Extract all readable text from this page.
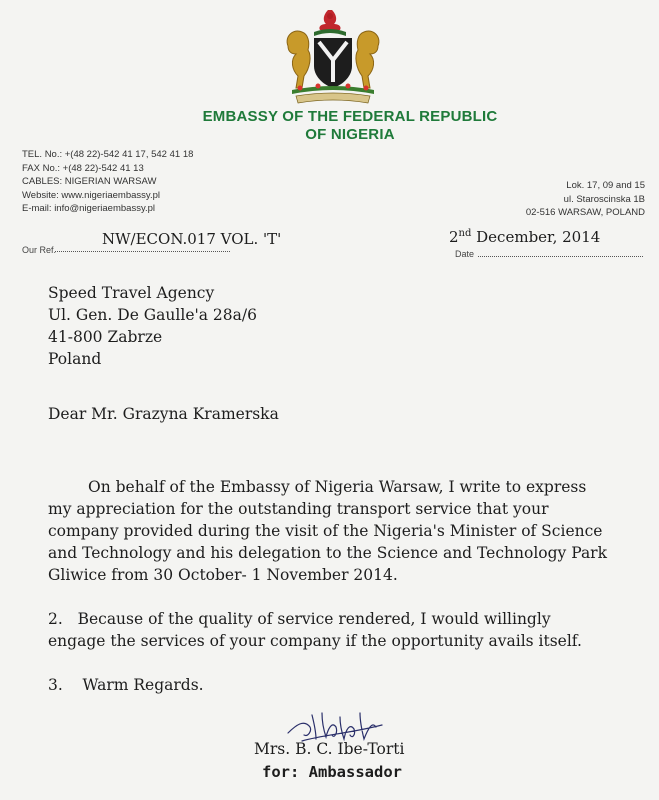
EMBASSY OF THE FEDERAL REPUBLIC
OF NIGERIA
TEL. No.: +(48 22)-542 41 17, 542 41 18
FAX No.: +(48 22)-542 41 13
CABLES: NIGERIAN WARSAW
Website: www.nigeriaembassy.pl
E-mail: info@nigeriaembassy.pl
Lok. 17, 09 and 15
ul. Staroscinska 1B
02-516 WARSAW, POLAND
NW/ECON.017 VOL. 'T'
Our Ref.
2nd December, 2014
Date
Speed Travel Agency
Ul. Gen. De Gaulle'a 28a/6
41-800 Zabrze
Poland
Dear Mr. Grazyna Kramerska
On behalf of the Embassy of Nigeria Warsaw, I write to express
my appreciation for the outstanding transport service that your
company provided during the visit of the Nigeria's Minister of Science
and Technology and his delegation to the Science and Technology Park
Gliwice from 30 October- 1 November 2014.
2.   Because of the quality of service rendered, I would willingly
engage the services of your company if the opportunity avails itself.
3.    Warm Regards.
Mrs. B. C. Ibe-Torti
for: Ambassador
